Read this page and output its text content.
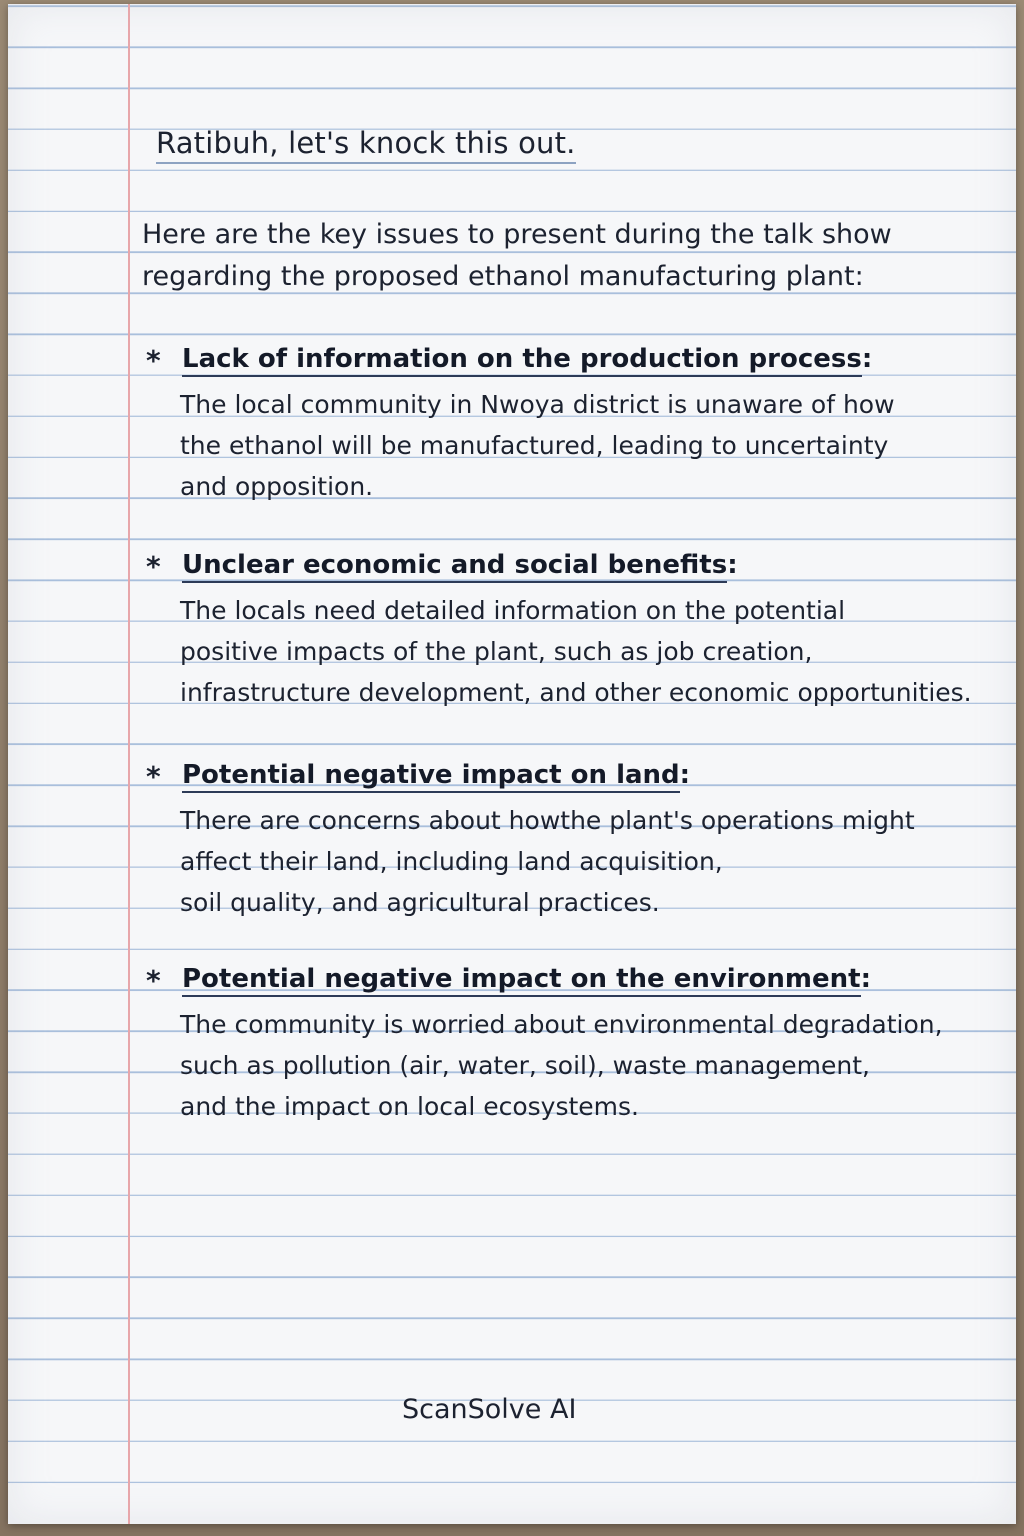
Ratibuh, let's knock this out.
Here are the key issues to present during the talk show
regarding the proposed ethanol manufacturing plant:
* Lack of information on the production process:
The local community in Nwoya district is unaware of how
the ethanol will be manufactured, leading to uncertainty
and opposition.
* Unclear economic and social benefits:
The locals need detailed information on the potential
positive impacts of the plant, such as job creation,
infrastructure development, and other economic opportunities.
* Potential negative impact on land:
There are concerns about howthe plant's operations might
affect their land, including land acquisition,
soil quality, and agricultural practices.
* Potential negative impact on the environment:
The community is worried about environmental degradation,
such as pollution (air, water, soil), waste management,
and the impact on local ecosystems.
ScanSolve AI
